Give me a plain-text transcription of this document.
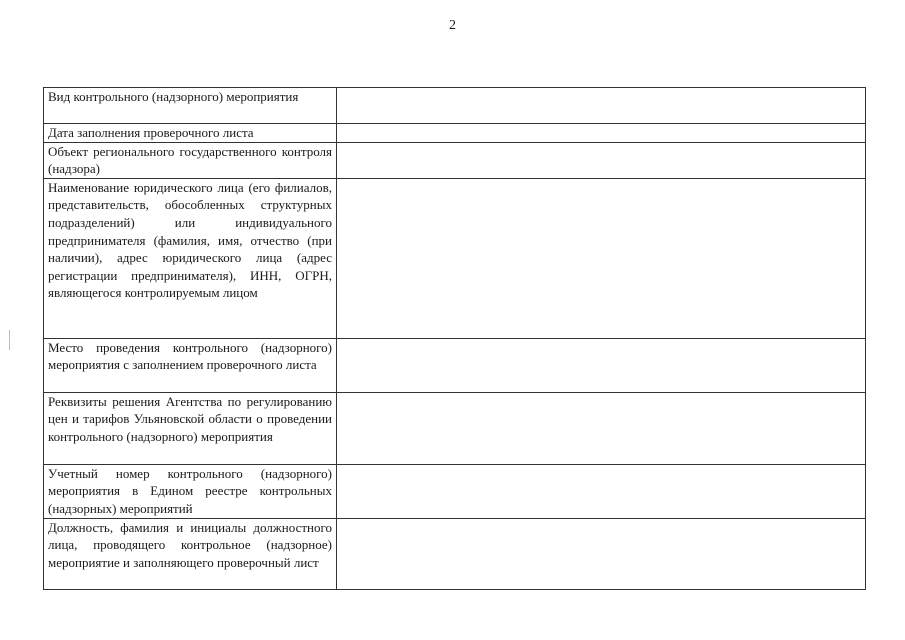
2
Вид контрольного (надзорного) мероприятия	
Дата заполнения проверочного листа	
Объект регионального государственного контроля (надзора)	
Наименование юридического лица (его филиалов, представительств, обособленных структурных подразделений) или индивидуального предпринимателя (фамилия, имя, отчество (при наличии), адрес юридического лица (адрес регистрации предпринимателя), ИНН, ОГРН, являющегося контролируемым лицом	
Место проведения контрольного (надзорного) мероприятия с заполнением проверочного листа	
Реквизиты решения Агентства по регулированию цен и тарифов Ульяновской области о проведении контрольного (надзорного) мероприятия	
Учетный номер контрольного (надзорного) мероприятия в Едином реестре контрольных (надзорных) мероприятий	
Должность, фамилия и инициалы должностного лица, проводящего контрольное (надзорное) мероприятие и заполняющего проверочный лист	
